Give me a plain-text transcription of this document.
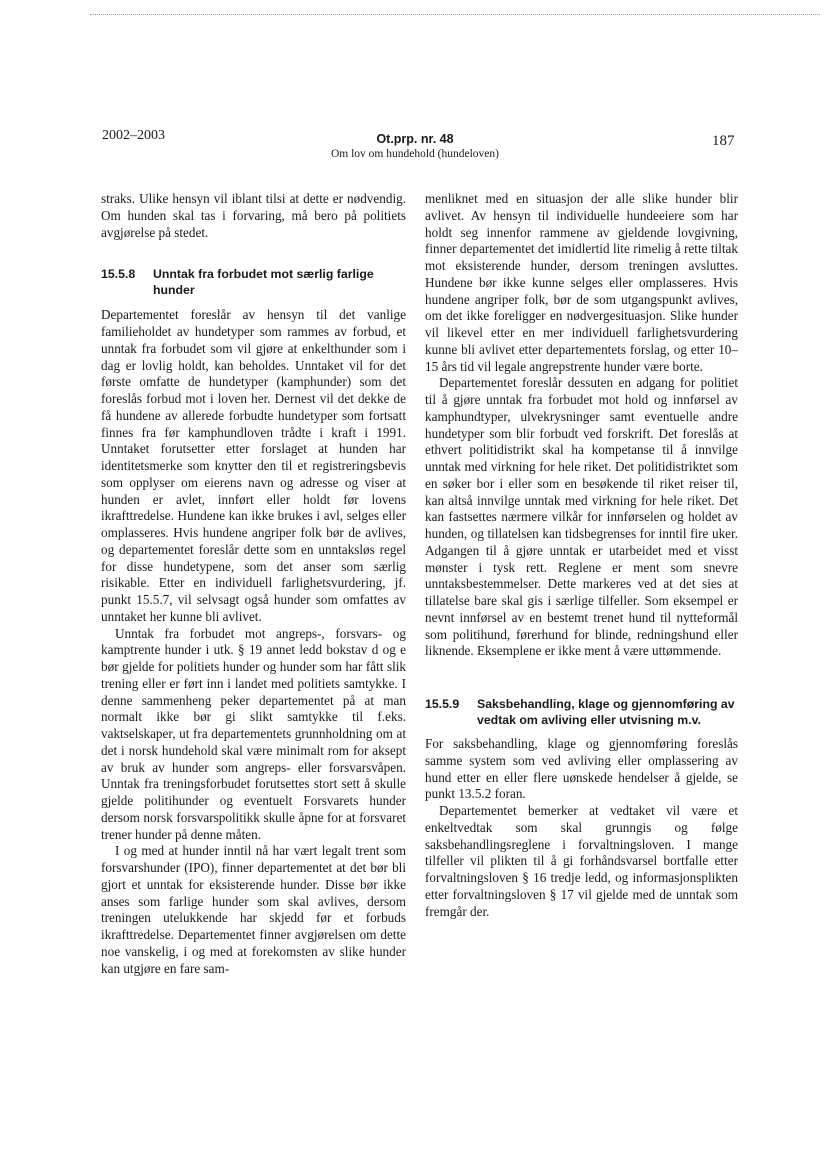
2002–2003	Ot.prp. nr. 48
Om lov om hundehold (hundeloven)
187

straks. Ulike hensyn vil iblant tilsi at dette er nødvendig. Om hunden skal tas i forvaring, må bero på politiets avgjørelse på stedet.

15.5.8	Unntak fra forbudet mot særlig farlige hunder

Departementet foreslår av hensyn til det vanlige familieholdet av hundetyper som rammes av forbud, et unntak fra forbudet som vil gjøre at enkelthunder som i dag er lovlig holdt, kan beholdes. Unntaket vil for det første omfatte de hundetyper (kamphunder) som det foreslås forbud mot i loven her. Dernest vil det dekke de få hundene av allerede forbudte hundetyper som fortsatt finnes fra før kamphundloven trådte i kraft i 1991. Unntaket forutsetter etter forslaget at hunden har identitetsmerke som knytter den til et registreringsbevis som opplyser om eierens navn og adresse og viser at hunden er avlet, innført eller holdt før lovens ikrafttredelse. Hundene kan ikke brukes i avl, selges eller omplasseres. Hvis hundene angriper folk bør de avlives, og departementet foreslår dette som en unntaksløs regel for disse hundetypene, som det anser som særlig risikable. Etter en individuell farlighetsvurdering, jf. punkt 15.5.7, vil selvsagt også hunder som omfattes av unntaket her kunne bli avlivet.

Unntak fra forbudet mot angreps-, forsvars- og kamptrente hunder i utk. § 19 annet ledd bokstav d og e bør gjelde for politiets hunder og hunder som har fått slik trening eller er ført inn i landet med politiets samtykke. I denne sammenheng peker departementet på at man normalt ikke bør gi slikt samtykke til f.eks. vaktselskaper, ut fra departementets grunnholdning om at det i norsk hundehold skal være minimalt rom for aksept av bruk av hunder som angreps- eller forsvarsvåpen. Unntak fra treningsforbudet forutsettes stort sett å skulle gjelde politihunder og eventuelt Forsvarets hunder dersom norsk forsvarspolitikk skulle åpne for at forsvaret trener hunder på denne måten.

I og med at hunder inntil nå har vært legalt trent som forsvarshunder (IPO), finner departementet at det bør bli gjort et unntak for eksisterende hunder. Disse bør ikke anses som farlige hunder som skal avlives, dersom treningen utelukkende har skjedd før et forbuds ikrafttredelse. Departementet finner avgjørelsen om dette noe vanskelig, i og med at forekomsten av slike hunder kan utgjøre en fare sam-

menliknet med en situasjon der alle slike hunder blir avlivet. Av hensyn til individuelle hundeeiere som har holdt seg innenfor rammene av gjeldende lovgivning, finner departementet det imidlertid lite rimelig å rette tiltak mot eksisterende hunder, dersom treningen avsluttes. Hundene bør ikke kunne selges eller omplasseres. Hvis hundene angriper folk, bør de som utgangspunkt avlives, om det ikke foreligger en nødvergesituasjon. Slike hunder vil likevel etter en mer individuell farlighetsvurdering kunne bli avlivet etter departementets forslag, og etter 10–15 års tid vil legale angrepstrente hunder være borte.

Departementet foreslår dessuten en adgang for politiet til å gjøre unntak fra forbudet mot hold og innførsel av kamphundtyper, ulvekrysninger samt eventuelle andre hundetyper som blir forbudt ved forskrift. Det foreslås at ethvert politidistrikt skal ha kompetanse til å innvilge unntak med virkning for hele riket. Det politidistriktet som en søker bor i eller som en besøkende til riket reiser til, kan altså innvilge unntak med virkning for hele riket. Det kan fastsettes nærmere vilkår for innførselen og holdet av hunden, og tillatelsen kan tidsbegrenses for inntil fire uker. Adgangen til å gjøre unntak er utarbeidet med et visst mønster i tysk rett. Reglene er ment som snevre unntaksbestemmelser. Dette markeres ved at det sies at tillatelse bare skal gis i særlige tilfeller. Som eksempel er nevnt innførsel av en bestemt trenet hund til nytteformål som politihund, førerhund for blinde, redningshund eller liknende. Eksemplene er ikke ment å være uttømmende.

15.5.9	Saksbehandling, klage og gjennomføring av vedtak om avliving eller utvisning m.v.

For saksbehandling, klage og gjennomføring foreslås samme system som ved avliving eller omplassering av hund etter en eller flere uønskede hendelser å gjelde, se punkt 13.5.2 foran.

Departementet bemerker at vedtaket vil være et enkeltvedtak som skal grunngis og følge saksbehandlingsreglene i forvaltningsloven. I mange tilfeller vil plikten til å gi forhåndsvarsel bortfalle etter forvaltningsloven § 16 tredje ledd, og informasjonsplikten etter forvaltningsloven § 17 vil gjelde med de unntak som fremgår der.
